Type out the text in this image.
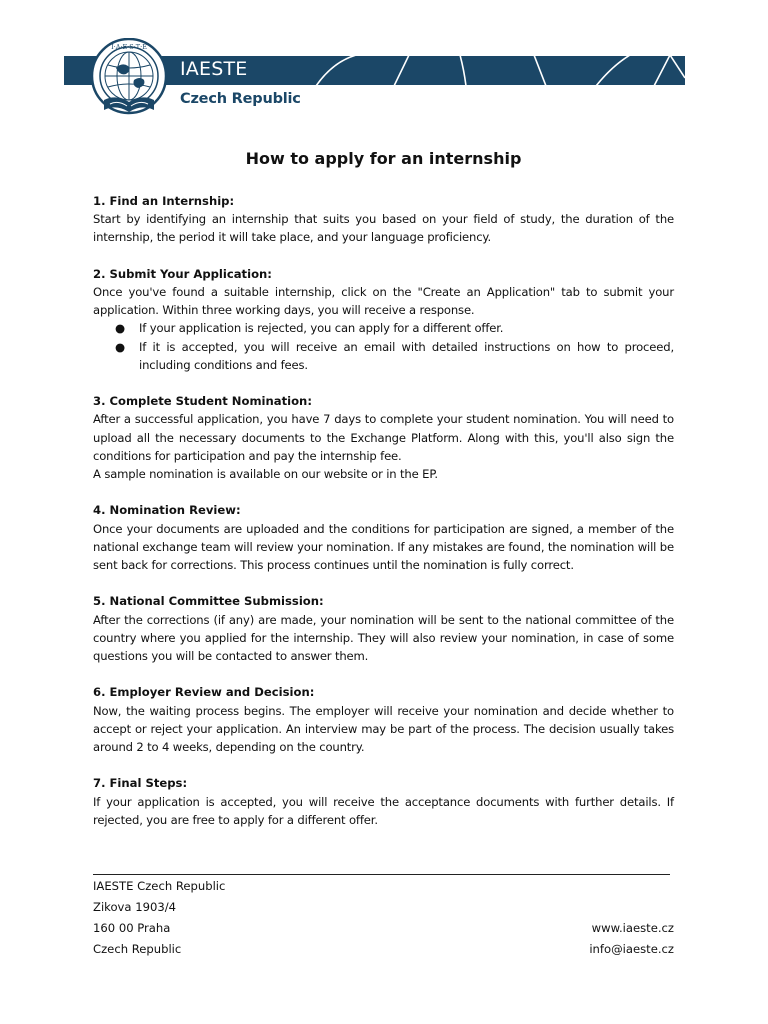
I·A·E·S·T·E
IAESTE
Czech Republic
How to apply for an internship
1. Find an Internship:

Start by identifying an internship that suits you based on your field of study, the duration of the internship, the period it will take place, and your language proficiency.

2. Submit Your Application:

Once you've found a suitable internship, click on the "Create an Application" tab to submit your application. Within three working days, you will receive a response.

● If your application is rejected, you can apply for a different offer.
● If it is accepted, you will receive an email with detailed instructions on how to proceed, including conditions and fees.
3. Complete Student Nomination:

After a successful application, you have 7 days to complete your student nomination. You will need to upload all the necessary documents to the Exchange Platform. Along with this, you'll also sign the conditions for participation and pay the internship fee.

A sample nomination is available on our website or in the EP.

4. Nomination Review:

Once your documents are uploaded and the conditions for participation are signed, a member of the national exchange team will review your nomination. If any mistakes are found, the nomination will be sent back for corrections. This process continues until the nomination is fully correct.

5. National Committee Submission:

After the corrections (if any) are made, your nomination will be sent to the national committee of the country where you applied for the internship. They will also review your nomination, in case of some questions you will be contacted to answer them.

6. Employer Review and Decision:

Now, the waiting process begins. The employer will receive your nomination and decide whether to accept or reject your application. An interview may be part of the process. The decision usually takes around 2 to 4 weeks, depending on the country.

7. Final Steps:

If your application is accepted, you will receive the acceptance documents with further details. If rejected, you are free to apply for a different offer.

IAESTE Czech Republic
Zikova 1903/4
160 00 Praha
Czech Republic
www.iaeste.cz
info@iaeste.cz
